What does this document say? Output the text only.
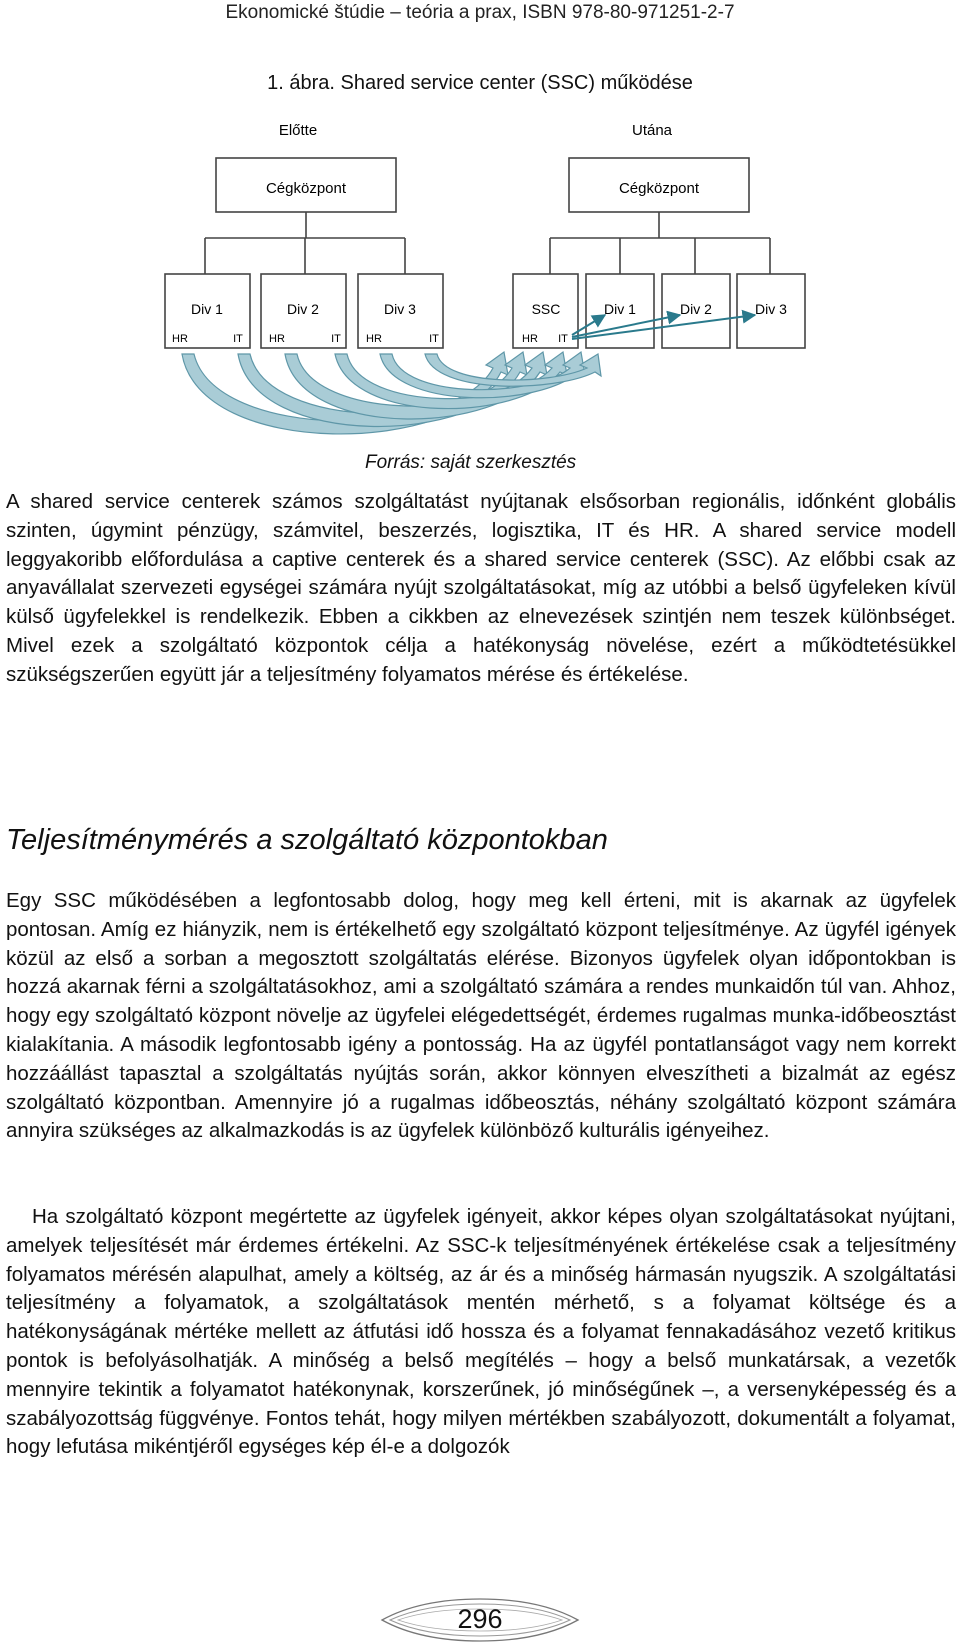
Ekonomické štúdie – teória a prax, ISBN 978-80-971251-2-7
1. ábra. Shared service center (SSC) működése
Előtte	Utána
Cégközpont	Cégközpont
Div 1
HR	IT
Div 2
HR	IT
Div 3
HR	IT
SSC
HR IT
Div 1	Div 2	Div 3
Forrás: saját szerkesztés

A shared service centerek számos szolgáltatást nyújtanak elsősorban regionális, időnként globális szinten, úgymint pénzügy, számvitel, beszerzés, logisztika, IT és HR. A shared service modell leggyakoribb előfordulása a captive centerek és a shared service centerek (SSC). Az előbbi csak az anyavállalat szervezeti egységei számára nyújt szolgáltatásokat, míg az utóbbi a belső ügyfeleken kívül külső ügyfelekkel is rendelkezik. Ebben a cikkben az elnevezések szintjén nem teszek különbséget. Mivel ezek a szolgáltató központok célja a hatékonyság növelése, ezért a működtetésükkel szükségszerűen együtt jár a teljesítmény folyamatos mérése és értékelése.

Teljesítménymérés a szolgáltató központokban

Egy SSC működésében a legfontosabb dolog, hogy meg kell érteni, mit is akarnak az ügyfelek pontosan. Amíg ez hiányzik, nem is értékelhető egy szolgáltató központ teljesítménye. Az ügyfél igények közül az első a sorban a megosztott szolgáltatás elérése. Bizonyos ügyfelek olyan időpontokban is hozzá akarnak férni a szolgáltatásokhoz, ami a szolgáltató számára a rendes munkaidőn túl van. Ahhoz, hogy egy szolgáltató központ növelje az ügyfelei elégedettségét, érdemes rugalmas munka-időbeosztást kialakítania. A második legfontosabb igény a pontosság. Ha az ügyfél pontatlanságot vagy nem korrekt hozzáállást tapasztal a szolgáltatás nyújtás során, akkor könnyen elveszítheti a bizalmát az egész szolgáltató központban. Amennyire jó a rugalmas időbeosztás, néhány szolgáltató központ számára annyira szükséges az alkalmazkodás is az ügyfelek különböző kulturális igényeihez.

Ha szolgáltató központ megértette az ügyfelek igényeit, akkor képes olyan szolgáltatásokat nyújtani, amelyek teljesítését már érdemes értékelni. Az SSC-k teljesítményének értékelése csak a teljesítmény folyamatos mérésén alapulhat, amely a költség, az ár és a minőség hármasán nyugszik. A szolgáltatási teljesítmény a folyamatok, a szolgáltatások mentén mérhető, s a folyamat költsége és a hatékonyságának mértéke mellett az átfutási idő hossza és a folyamat fennakadásához vezető kritikus pontok is befolyásolhatják. A minőség a belső megítélés – hogy a belső munkatársak, a vezetők mennyire tekintik a folyamatot hatékonynak, korszerűnek, jó minőségűnek –, a versenyképesség és a szabályozottság függvénye. Fontos tehát, hogy milyen mértékben szabályozott, dokumentált a folyamat, hogy lefutása mikéntjéről egységes kép él-e a dolgozók

296
